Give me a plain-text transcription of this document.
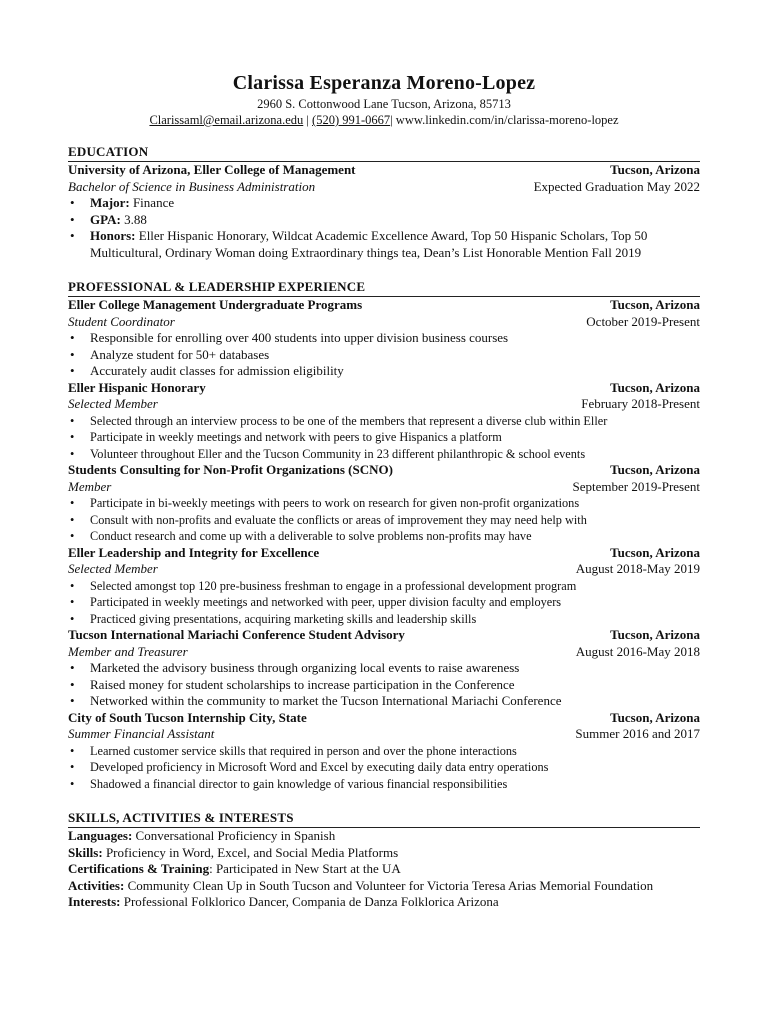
Clarissa Esperanza Moreno-Lopez
2960 S. Cottonwood Lane Tucson, Arizona, 85713
Clarissaml@email.arizona.edu | (520) 991-0667| www.linkedin.com/in/clarissa-moreno-lopez
EDUCATION
University of Arizona, Eller College of Management	Tucson, Arizona
Bachelor of Science in Business Administration	Expected Graduation May 2022
• Major: Finance
• GPA: 3.88
• Honors: Eller Hispanic Honorary, Wildcat Academic Excellence Award, Top 50 Hispanic Scholars, Top 50 Multicultural, Ordinary Woman doing Extraordinary things tea, Dean’s List Honorable Mention Fall 2019
PROFESSIONAL & LEADERSHIP EXPERIENCE
Eller College Management Undergraduate Programs	Tucson, Arizona
Student Coordinator	October 2019-Present
• Responsible for enrolling over 400 students into upper division business courses
• Analyze student for 50+ databases
• Accurately audit classes for admission eligibility
Eller Hispanic Honorary	Tucson, Arizona
Selected Member	February 2018-Present
• Selected through an interview process to be one of the members that represent a diverse club within Eller
• Participate in weekly meetings and network with peers to give Hispanics a platform
• Volunteer throughout Eller and the Tucson Community in 23 different philanthropic & school events
Students Consulting for Non-Profit Organizations (SCNO)	Tucson, Arizona
Member	September 2019-Present
• Participate in bi-weekly meetings with peers to work on research for given non-profit organizations
• Consult with non-profits and evaluate the conflicts or areas of improvement they may need help with
• Conduct research and come up with a deliverable to solve problems non-profits may have
Eller Leadership and Integrity for Excellence	Tucson, Arizona
Selected Member	August 2018-May 2019
• Selected amongst top 120 pre-business freshman to engage in a professional development program
• Participated in weekly meetings and networked with peer, upper division faculty and employers
• Practiced giving presentations, acquiring marketing skills and leadership skills
Tucson International Mariachi Conference Student Advisory	Tucson, Arizona
Member and Treasurer	August 2016-May 2018
• Marketed the advisory business through organizing local events to raise awareness
• Raised money for student scholarships to increase participation in the Conference
• Networked within the community to market the Tucson International Mariachi Conference
City of South Tucson Internship City, State	Tucson, Arizona
Summer Financial Assistant	Summer 2016 and 2017
• Learned customer service skills that required in person and over the phone interactions
• Developed proficiency in Microsoft Word and Excel by executing daily data entry operations
• Shadowed a financial director to gain knowledge of various financial responsibilities
SKILLS, ACTIVITIES & INTERESTS
Languages: Conversational Proficiency in Spanish
Skills: Proficiency in Word, Excel, and Social Media Platforms
Certifications & Training: Participated in New Start at the UA
Activities: Community Clean Up in South Tucson and Volunteer for Victoria Teresa Arias Memorial Foundation
Interests: Professional Folklorico Dancer, Compania de Danza Folklorica Arizona
